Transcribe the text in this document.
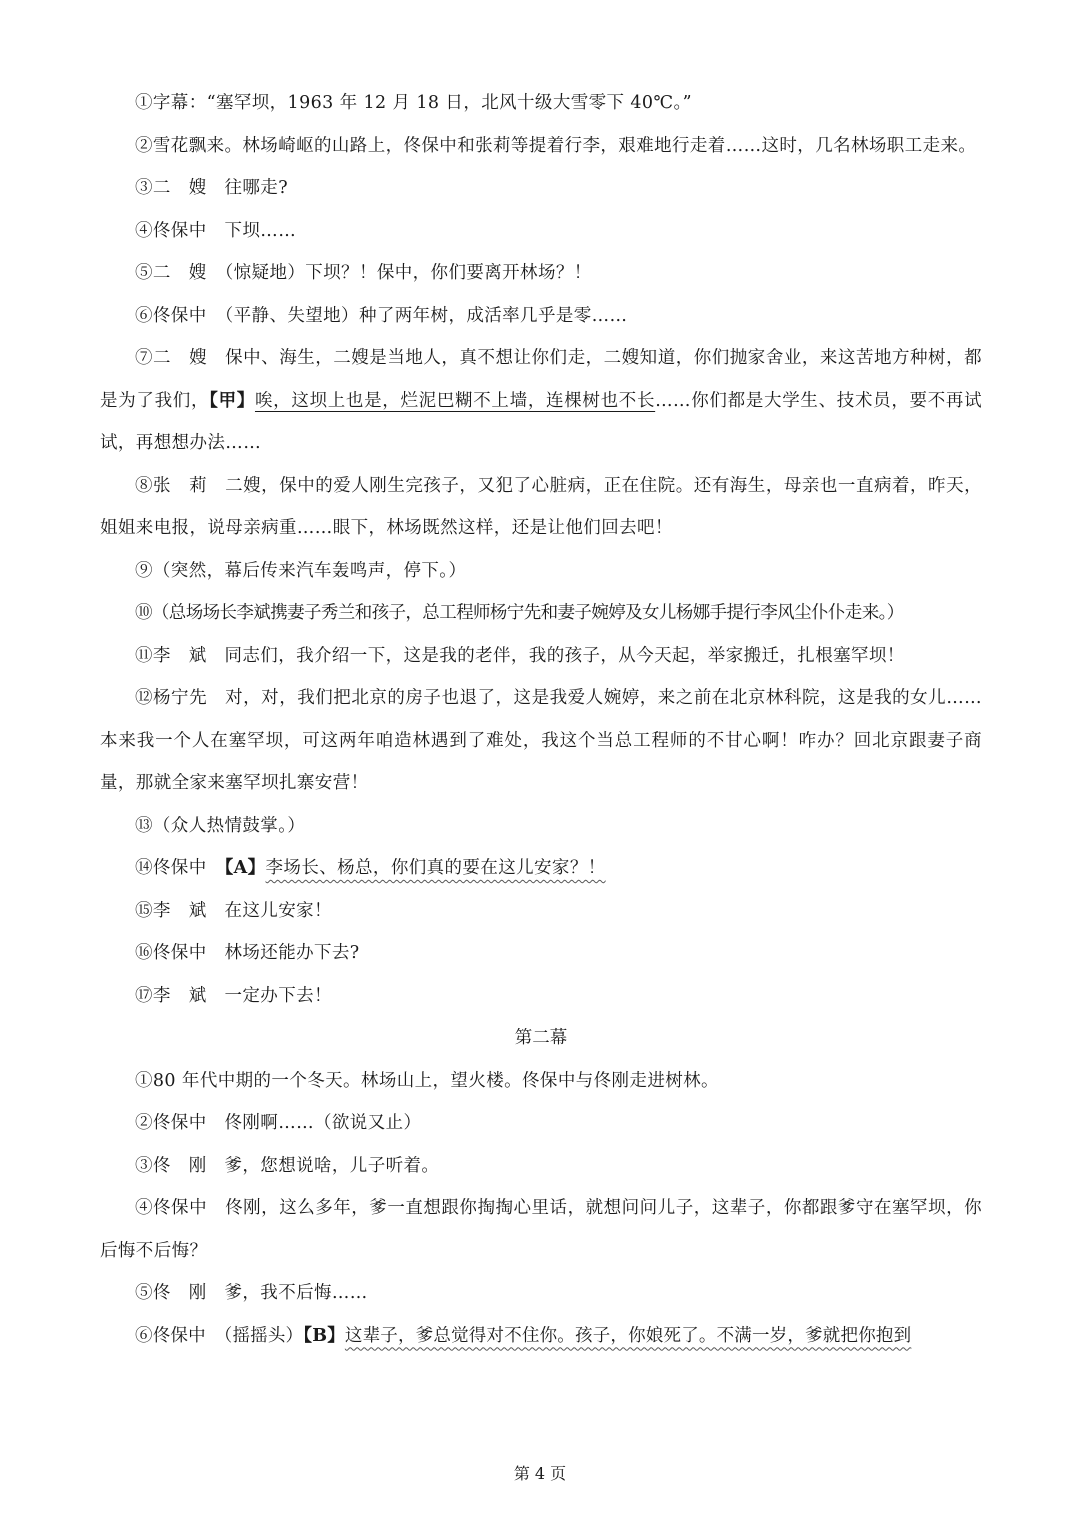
①字幕：“塞罕坝，1963 年 12 月 18 日，北风十级大雪零下 40℃。”

②雪花飘来。林场崎岖的山路上，佟保中和张莉等提着行李，艰难地行走着……这时，几名林场职工走来。

③二　嫂　往哪走?

④佟保中　下坝……

⑤二　嫂　（惊疑地）下坝？！保中，你们要离开林场？！

⑥佟保中　（平静、失望地）种了两年树，成活率几乎是零……

⑦二　嫂　保中、海生，二嫂是当地人，真不想让你们走，二嫂知道，你们抛家舍业，来这苦地方种树，都是为了我们，【甲】唉，这坝上也是，烂泥巴糊不上墙，连棵树也不长……你们都是大学生、技术员，要不再试试，再想想办法……

⑧张　莉　二嫂，保中的爱人刚生完孩子，又犯了心脏病，正在住院。还有海生，母亲也一直病着，昨天，姐姐来电报，说母亲病重……眼下，林场既然这样，还是让他们回去吧！

⑨（突然，幕后传来汽车轰鸣声，停下。）

⑩（总场场长李斌携妻子秀兰和孩子，总工程师杨宁先和妻子婉婷及女儿杨娜手提行李风尘仆仆走来。）

⑪李　斌　同志们，我介绍一下，这是我的老伴，我的孩子，从今天起，举家搬迁，扎根塞罕坝！

⑫杨宁先　对，对，我们把北京的房子也退了，这是我爱人婉婷，来之前在北京林科院，这是我的女儿……本来我一个人在塞罕坝，可这两年咱造林遇到了难处，我这个当总工程师的不甘心啊！咋办？回北京跟妻子商量，那就全家来塞罕坝扎寨安营！

⑬（众人热情鼓掌。）

⑭佟保中　【A】李场长、杨总，你们真的要在这儿安家？！

⑮李　斌　在这儿安家！

⑯佟保中　林场还能办下去?

⑰李　斌　一定办下去！

第二幕

①80 年代中期的一个冬天。林场山上，望火楼。佟保中与佟刚走进树林。

②佟保中　佟刚啊……（欲说又止）

③佟　刚　爹，您想说啥，儿子听着。

④佟保中　佟刚，这么多年，爹一直想跟你掏掏心里话，就想问问儿子，这辈子，你都跟爹守在塞罕坝，你后悔不后悔？

⑤佟　刚　爹，我不后悔……

⑥佟保中　（摇摇头）【B】这辈子，爹总觉得对不住你。孩子，你娘死了。不满一岁，爹就把你抱到

第 4 页
